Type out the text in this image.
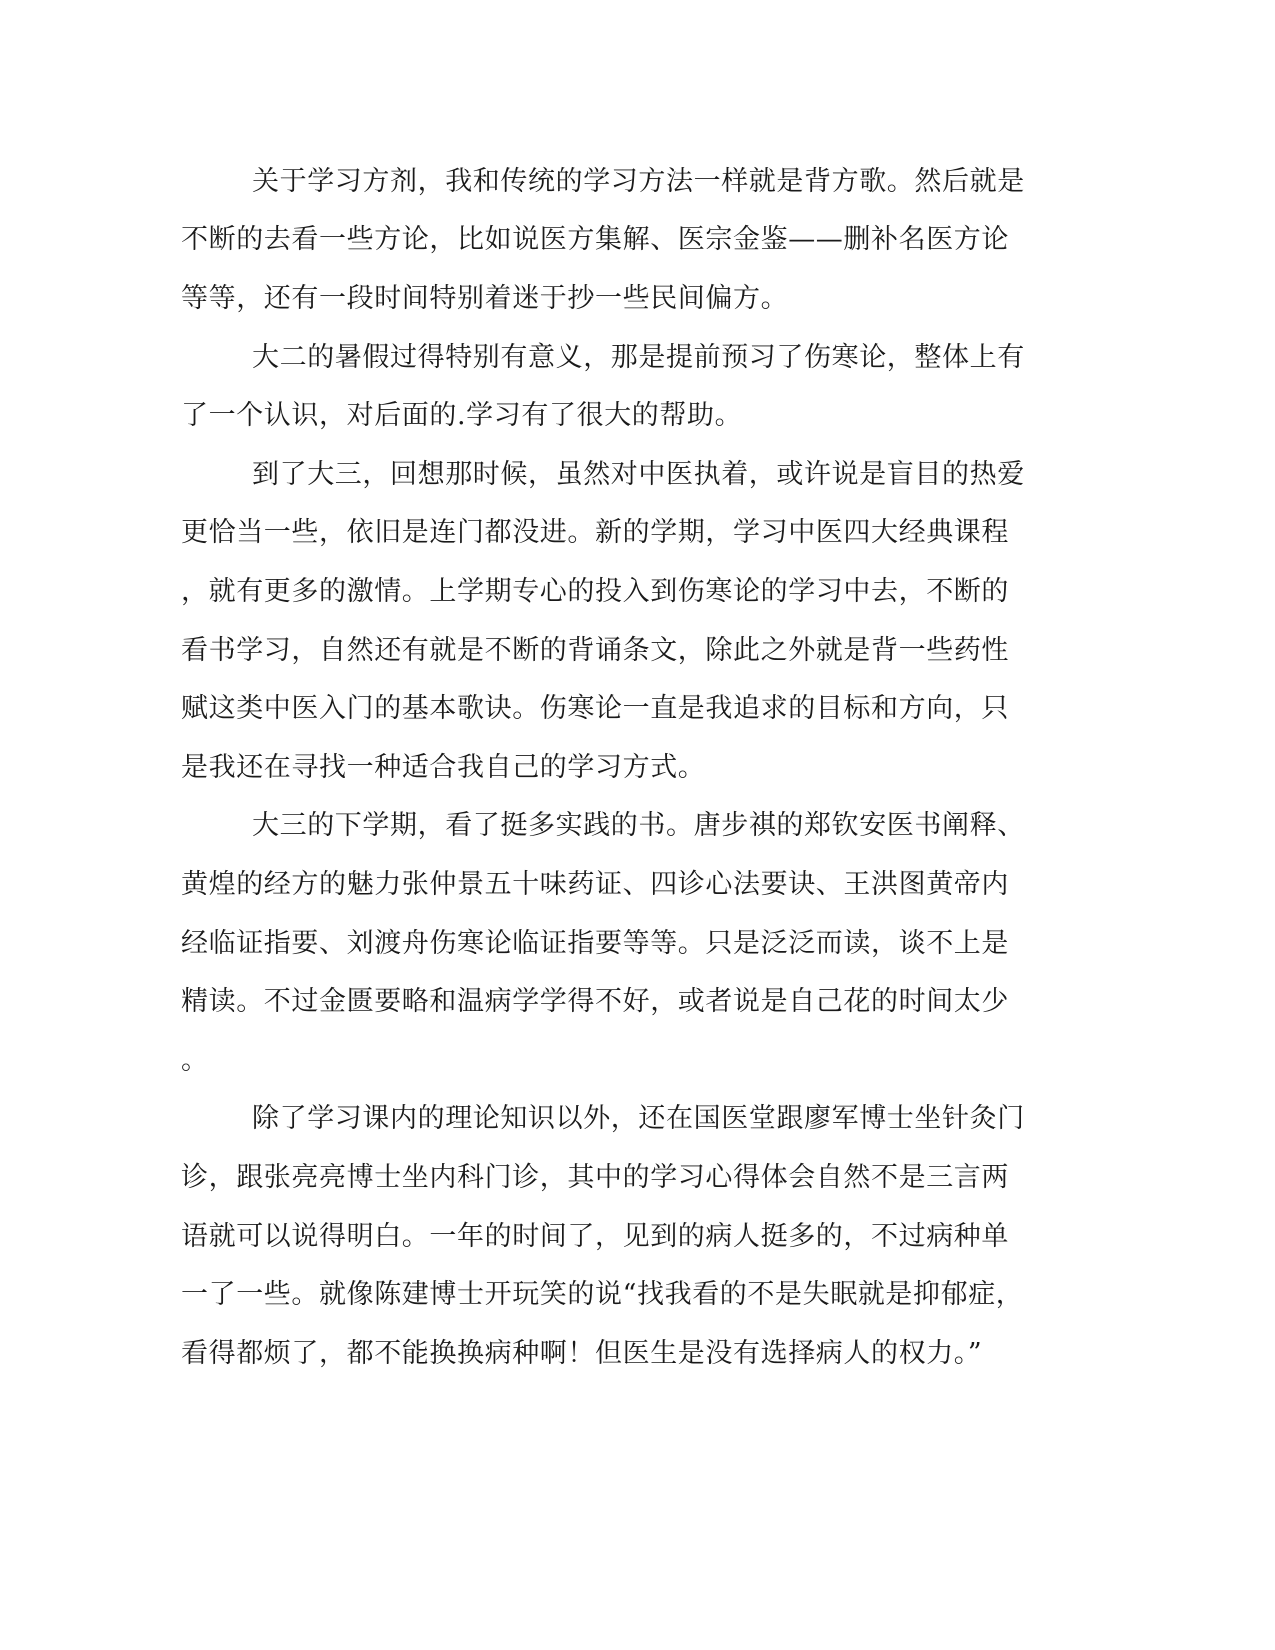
关于学习方剂，我和传统的学习方法一样就是背方歌。然后就是
不断的去看一些方论，比如说医方集解、医宗金鉴——删补名医方论
等等，还有一段时间特别着迷于抄一些民间偏方。
大二的暑假过得特别有意义，那是提前预习了伤寒论，整体上有
了一个认识，对后面的.学习有了很大的帮助。
到了大三，回想那时候，虽然对中医执着，或许说是盲目的热爱
更恰当一些，依旧是连门都没进。新的学期，学习中医四大经典课程
，就有更多的激情。上学期专心的投入到伤寒论的学习中去，不断的
看书学习，自然还有就是不断的背诵条文，除此之外就是背一些药性
赋这类中医入门的基本歌诀。伤寒论一直是我追求的目标和方向，只
是我还在寻找一种适合我自己的学习方式。
大三的下学期，看了挺多实践的书。唐步祺的郑钦安医书阐释、
黄煌的经方的魅力张仲景五十味药证、四诊心法要诀、王洪图黄帝内
经临证指要、刘渡舟伤寒论临证指要等等。只是泛泛而读，谈不上是
精读。不过金匮要略和温病学学得不好，或者说是自己花的时间太少
。
除了学习课内的理论知识以外，还在国医堂跟廖军博士坐针灸门
诊，跟张亮亮博士坐内科门诊，其中的学习心得体会自然不是三言两
语就可以说得明白。一年的时间了，见到的病人挺多的，不过病种单
一了一些。就像陈建博士开玩笑的说“找我看的不是失眠就是抑郁症，
看得都烦了，都不能换换病种啊！但医生是没有选择病人的权力。”
